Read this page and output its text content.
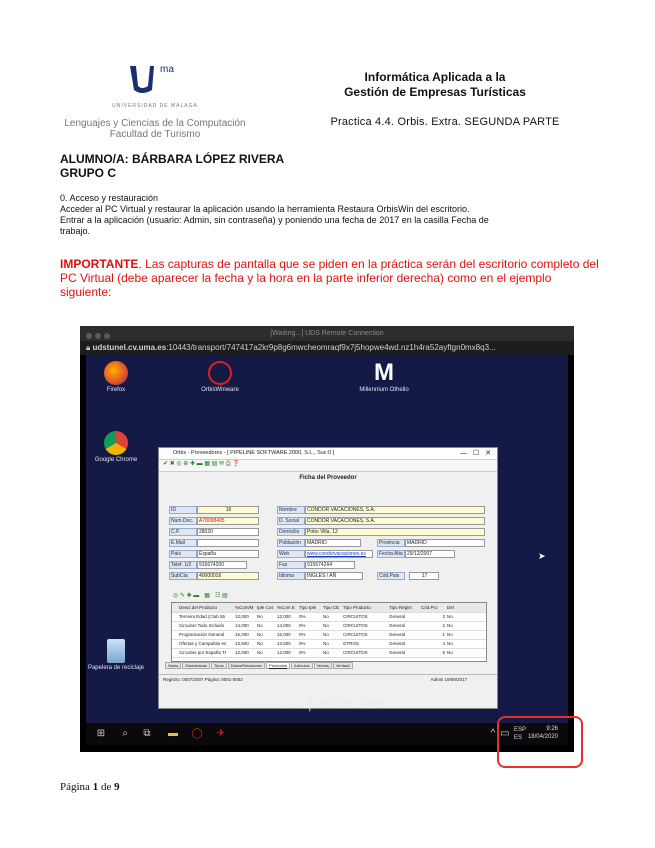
ma
UNIVERSIDAD DE MÁLAGA
Lenguajes y Ciencias de la Computación
Facultad de Turismo
Informática Aplicada a la
Gestión de Empresas Turísticas
Practica 4.4. Orbis. Extra. SEGUNDA PARTE
ALUMNO/A: BÁRBARA LÓPEZ RIVERA
GRUPO C
0. Acceso y restauración
Acceder al PC Virtual y restaurar la aplicación usando la herramienta Restaura OrbisWin del escritorio.
Entrar a la aplicación (usuario: Admin, sin contraseña) y poniendo una fecha de 2017 en la casilla Fecha de
trabajo.
IMPORTANTE. Las capturas de pantalla que se piden en la práctica serán del escritorio completo del PC Virtual (debe aparecer la fecha y la hora en la parte inferior derecha) como en el ejemplo siguiente:
[Waiting...] UDS Remote Connection
🔒︎ udstunel.cv.uma.es:10443/transport/747417a2kr9p8g6mwcheomraqf9x7j5hopwe4wd.nz1h4ra52ayftgn0mx8q3...
Firefox	OrbisWinware
M
Millennium Othello
Google Chrome
Papelera de reciclaje
Orbis - Proveedores - [ PIPELINE SOFTWARE 2000, S.L., Suc:0 ]	— ☐ ✕
✔ ✖ ◎ ⊕ ✚ ▬ ▦ ▤ ✉ ⎙ ❓
Ficha del Proveedor
ID	16	Nombre	CONDOR VACACIONES, S.A.
Num.Doc.	A78098495	D. Social	CONDOR VACACIONES, S.A.
C.P.	28020	Domicilio	Pobo Villa, 12
E.Mail	Población	MADRID	Provincia	MADRID
País	España	Web	www.condorvacaciones.es	Fecha Alta 29/12/2007
Telef. 1/2	915674200	Fax	915674264
SubCta	40000016	Idioma	INGLES / AÑ	Cód.Pais	17
◎ ✎ ✚ ▬   ▦   ☷ ▤
Descr.del Producto	%Com/M Iple Cos %Com E Tipo Iple	Tipo CE Tipo Producto	Tipo Régim	Cód.Pro	Del
Terceira Edad (Club 55	12,000	No	12,000	0%	No	CIRCUITOS	General	3 No
Circuitos Todo Incluido	14,000	No	14,000	0%	No	CIRCUITOS	General	2 No
Programación General	15,000	No	15,000	0%	No	CIRCUITOS	General	1 No
Ofertas y Campañas es	13,500	No	13,500	0%	No	OTROS	General	4 No
Circuitos por España Tt	12,000	No	12,000	0%	No	CIRCUITOS	General	5 No
Notas Estadísticas Tipos Datos/Relaciones Productos Artículos Ventas Ventas2
Registro: 0007/2007 Página: 0001-0002	Admin 19/09/2017
UNIVERSIDAD DE MÁLAGA  │ uma.es evit
➤
⊞	⌕	⧉	▬ ◯ ✈	^ ▭ ESP
ES
9:26
18/04/2020
Página 1 de 9
